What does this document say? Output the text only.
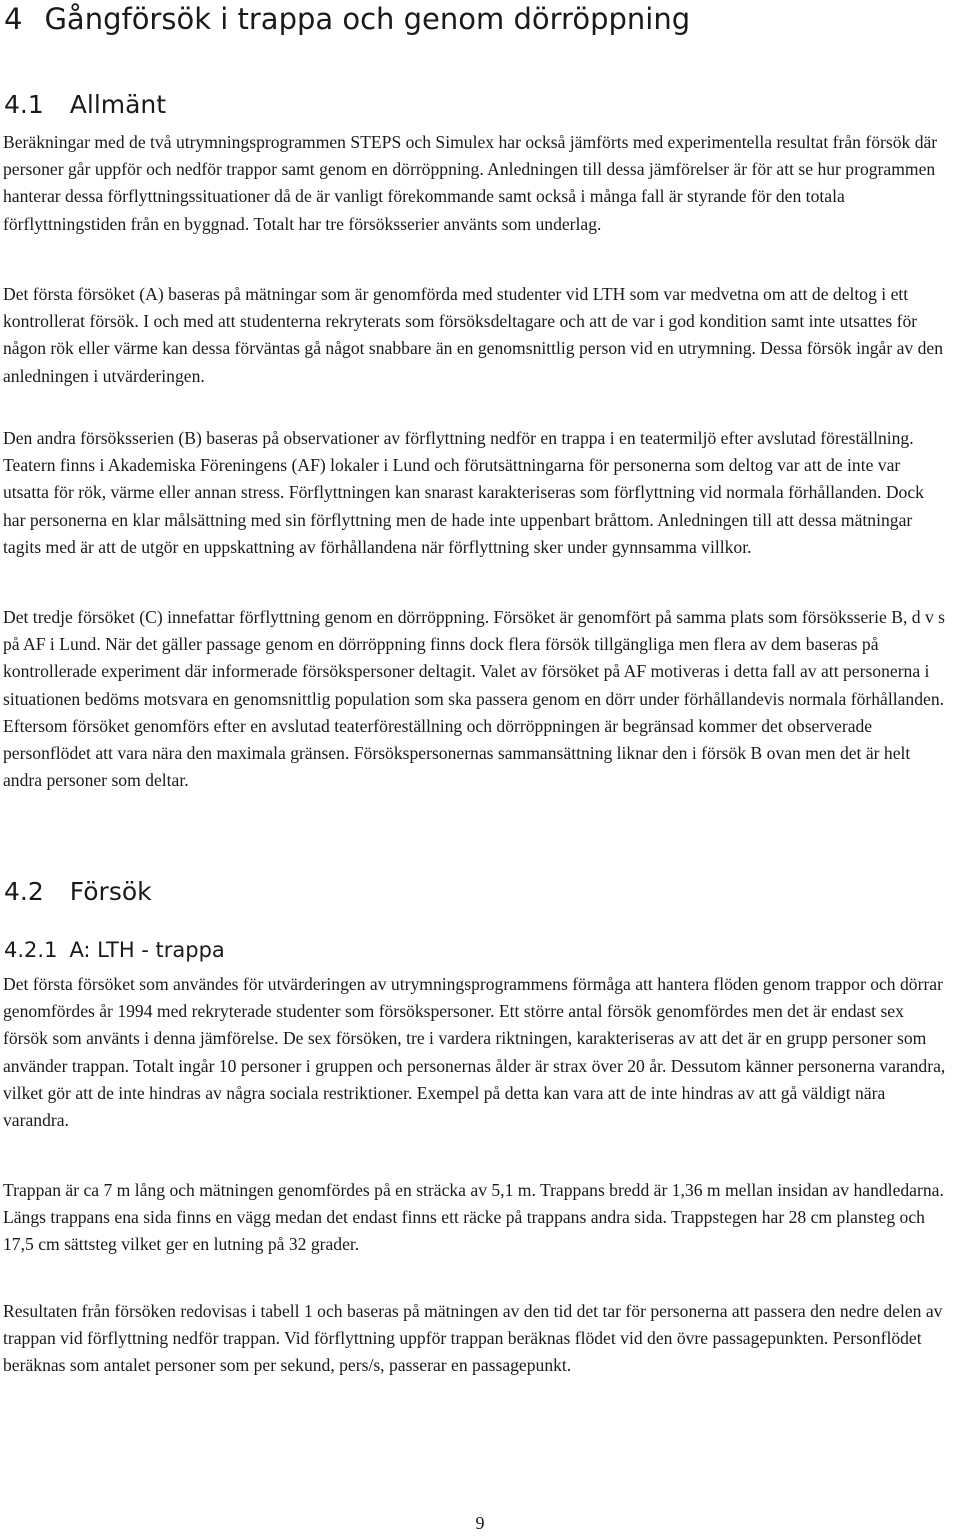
4 Gångförsök i trappa och genom dörröppning
4.1 Allmänt

Beräkningar med de två utrymningsprogrammen STEPS och Simulex har också jämförts med experimentella resultat från försök där personer går uppför och nedför trappor samt genom en dörröppning. Anledningen till dessa jämförelser är för att se hur programmen hanterar dessa förflyttningssituationer då de är vanligt förekommande samt också i många fall är styrande för den totala förflyttningstiden från en byggnad. Totalt har tre försöksserier använts som underlag.

Det första försöket (A) baseras på mätningar som är genomförda med studenter vid LTH som var medvetna om att de deltog i ett kontrollerat försök. I och med att studenterna rekryterats som försöksdeltagare och att de var i god kondition samt inte utsattes för någon rök eller värme kan dessa förväntas gå något snabbare än en genomsnittlig person vid en utrymning. Dessa försök ingår av den anledningen i utvärderingen.

Den andra försöksserien (B) baseras på observationer av förflyttning nedför en trappa i en teatermiljö efter avslutad föreställning. Teatern finns i Akademiska Föreningens (AF) lokaler i Lund och förutsättningarna för personerna som deltog var att de inte var utsatta för rök, värme eller annan stress. Förflyttningen kan snarast karakteriseras som förflyttning vid normala förhållanden. Dock har personerna en klar målsättning med sin förflyttning men de hade inte uppenbart bråttom. Anledningen till att dessa mätningar tagits med är att de utgör en uppskattning av förhållandena när förflyttning sker under gynnsamma villkor.

Det tredje försöket (C) innefattar förflyttning genom en dörröppning. Försöket är genomfört på samma plats som försöksserie B, d v s på AF i Lund. När det gäller passage genom en dörröppning finns dock flera försök tillgängliga men flera av dem baseras på kontrollerade experiment där informerade försökspersoner deltagit. Valet av försöket på AF motiveras i detta fall av att personerna i situationen bedöms motsvara en genomsnittlig population som ska passera genom en dörr under förhållandevis normala förhållanden. Eftersom försöket genomförs efter en avslutad teaterföreställning och dörröppningen är begränsad kommer det observerade personflödet att vara nära den maximala gränsen. Försökspersonernas sammansättning liknar den i försök B ovan men det är helt andra personer som deltar.

4.2 Försök
4.2.1 A: LTH - trappa

Det första försöket som användes för utvärderingen av utrymningsprogrammens förmåga att hantera flöden genom trappor och dörrar genomfördes år 1994 med rekryterade studenter som försökspersoner. Ett större antal försök genomfördes men det är endast sex försök som använts i denna jämförelse. De sex försöken, tre i vardera riktningen, karakteriseras av att det är en grupp personer som använder trappan. Totalt ingår 10 personer i gruppen och personernas ålder är strax över 20 år. Dessutom känner personerna varandra, vilket gör att de inte hindras av några sociala restriktioner. Exempel på detta kan vara att de inte hindras av att gå väldigt nära varandra.

Trappan är ca 7 m lång och mätningen genomfördes på en sträcka av 5,1 m. Trappans bredd är 1,36 m mellan insidan av handledarna. Längs trappans ena sida finns en vägg medan det endast finns ett räcke på trappans andra sida. Trappstegen har 28 cm plansteg och 17,5 cm sättsteg vilket ger en lutning på 32 grader.

Resultaten från försöken redovisas i tabell 1 och baseras på mätningen av den tid det tar för personerna att passera den nedre delen av trappan vid förflyttning nedför trappan. Vid förflyttning uppför trappan beräknas flödet vid den övre passagepunkten. Personflödet beräknas som antalet personer som per sekund, pers/s, passerar en passagepunkt.

9
